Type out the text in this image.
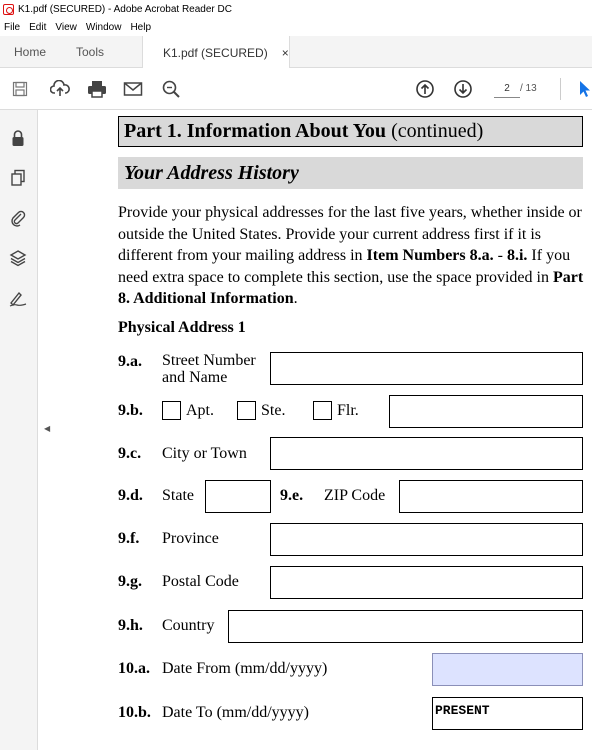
K1.pdf (SECURED) - Adobe Acrobat Reader DC
File Edit View Window Help
Home Tools	K1.pdf (SECURED) ×
2	/ 13
◀
Part 1. Information About You (continued)
Your Address History
Provide your physical addresses for the last five years, whether inside or outside the United States. Provide your current address first if it is different from your mailing address in Item Numbers 8.a. - 8.i. If you need extra space to complete this section, use the space provided in Part 8. Additional Information.
Physical Address 1
9.a. Street Number
and Name
9.b.	Apt.	Ste.	Flr.
9.c. City or Town
9.d. State	9.e. ZIP Code
9.f. Province
9.g. Postal Code
9.h. Country
10.a. Date From (mm/dd/yyyy)
10.b. Date To (mm/dd/yyyy)	PRESENT
